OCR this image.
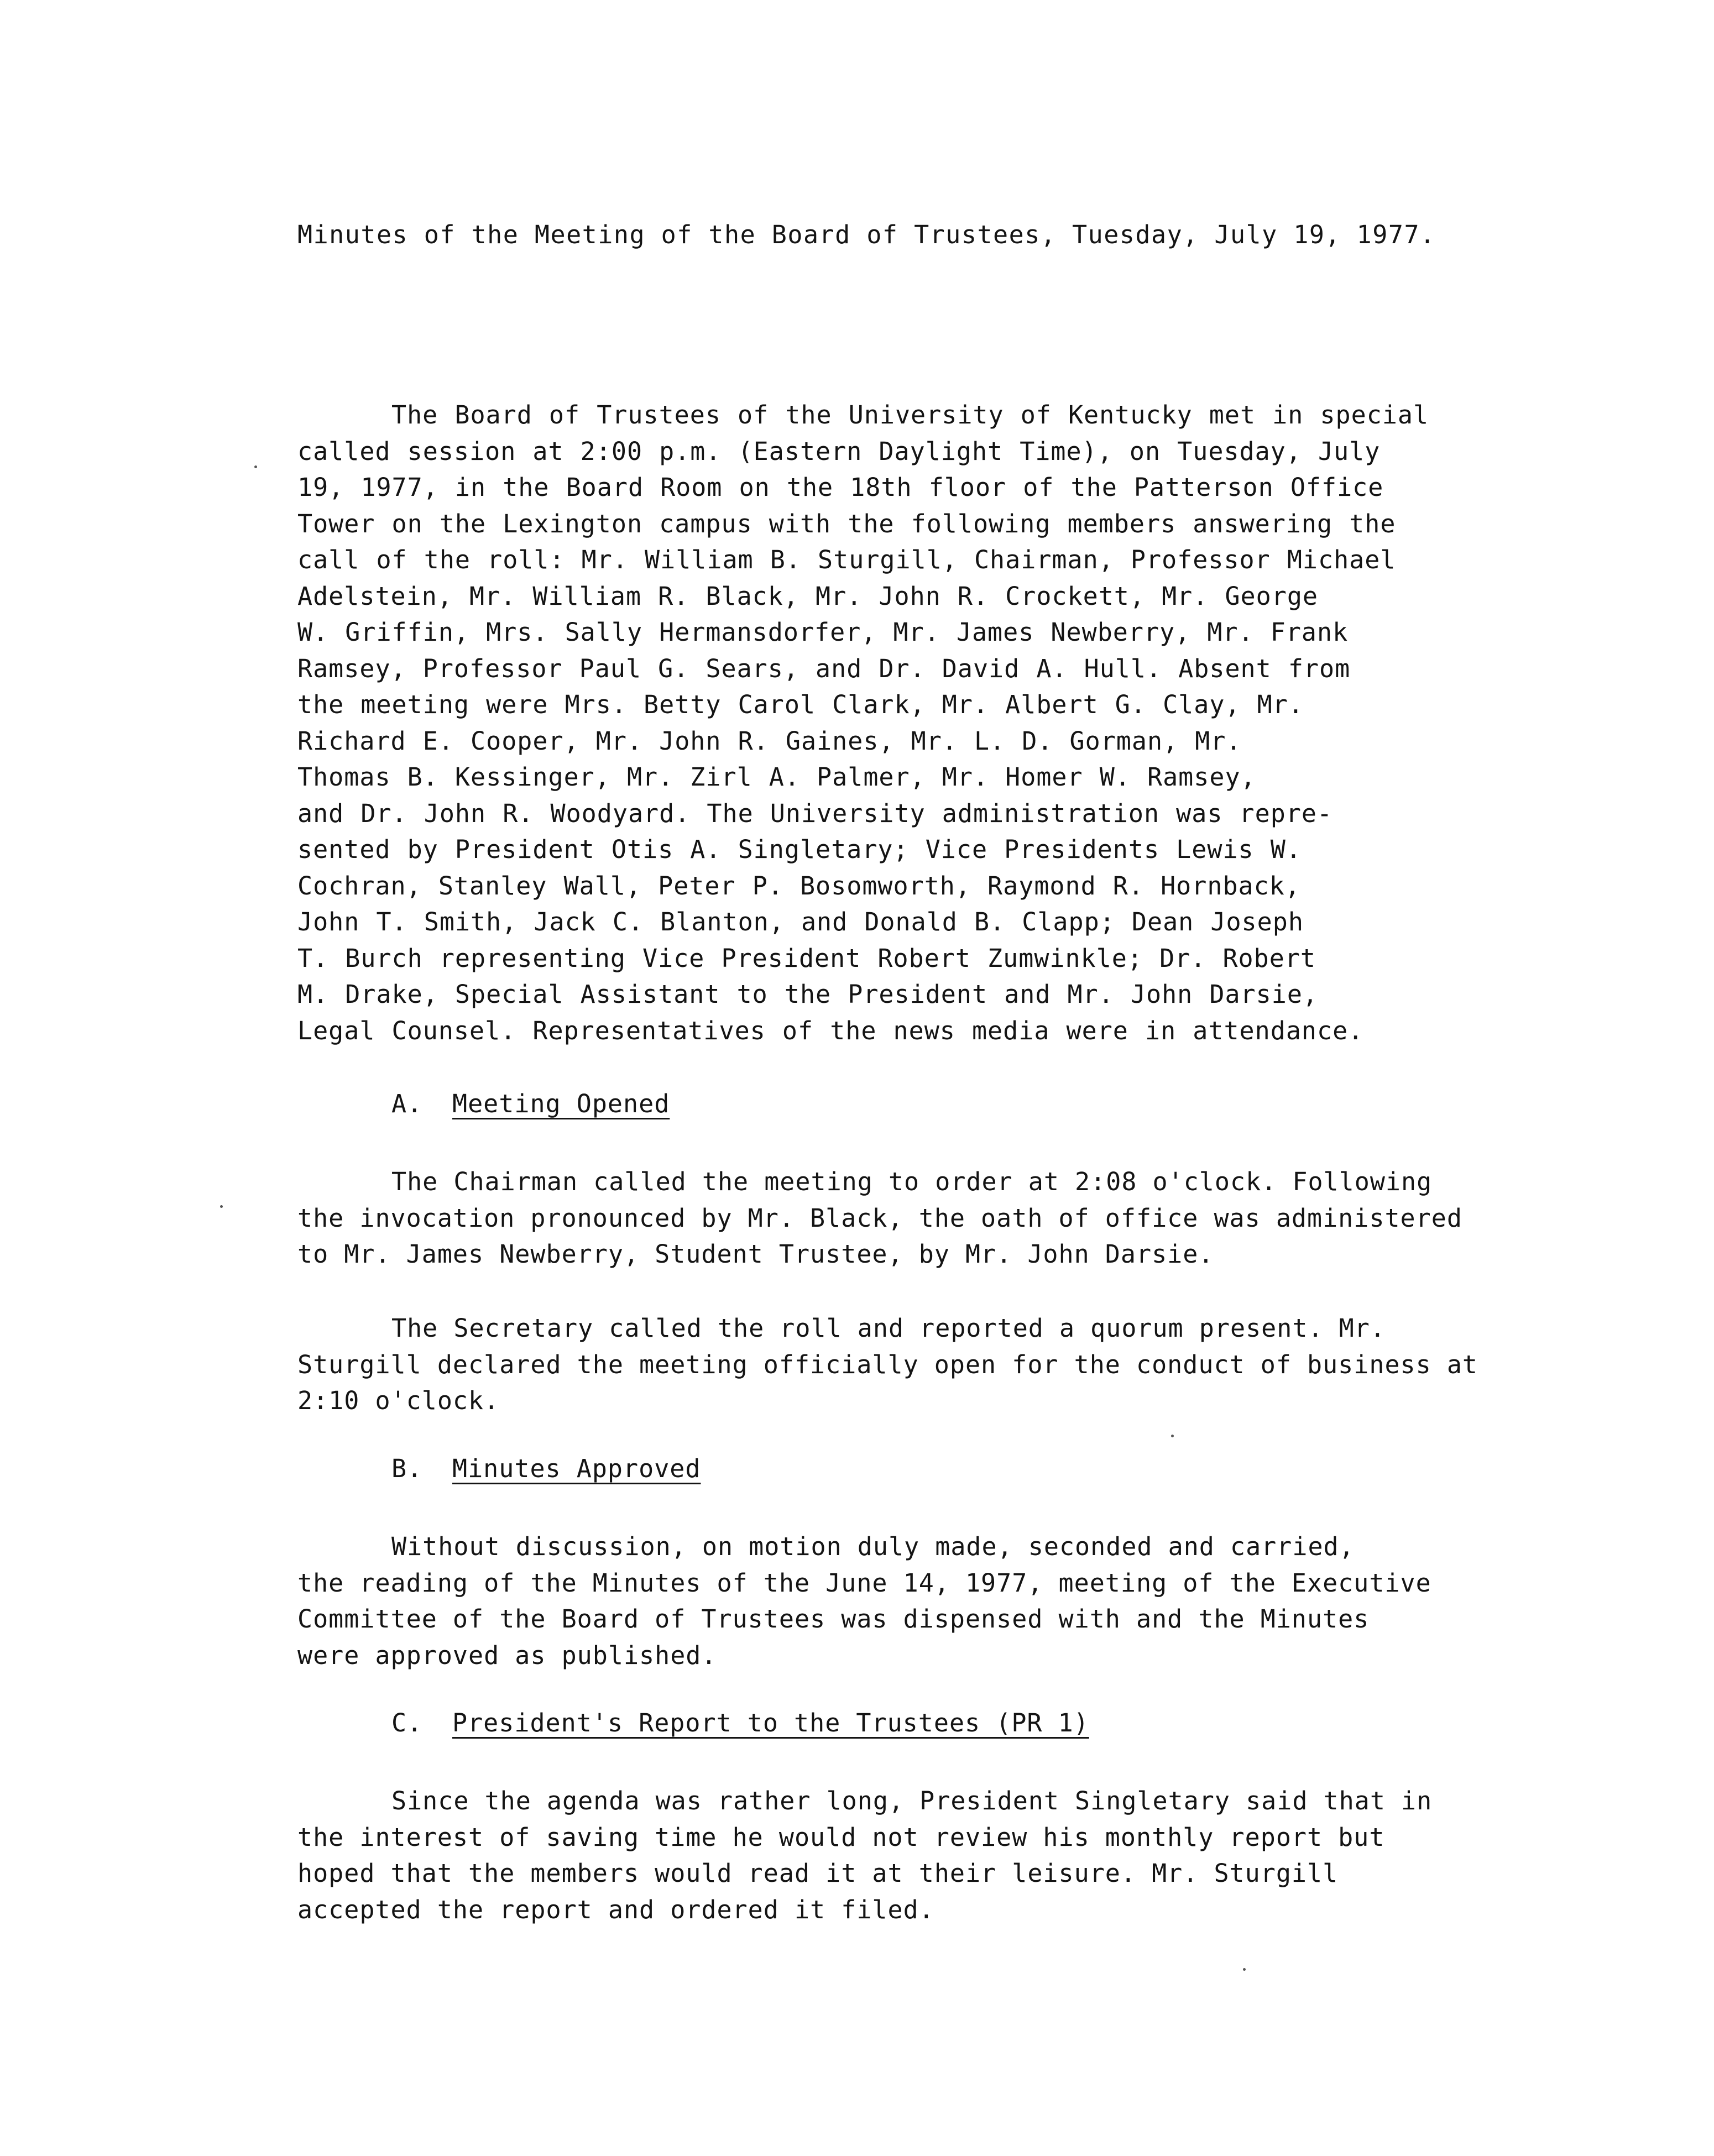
Minutes of the Meeting of the Board of Trustees, Tuesday, July 19, 1977.

The Board of Trustees of the University of Kentucky met in special
called session at 2:00 p.m. (Eastern Daylight Time), on Tuesday, July
19, 1977, in the Board Room on the 18th floor of the Patterson Office
Tower on the Lexington campus with the following members answering the
call of the roll: Mr. William B. Sturgill, Chairman, Professor Michael
Adelstein, Mr. William R. Black, Mr. John R. Crockett, Mr. George
W. Griffin, Mrs. Sally Hermansdorfer, Mr. James Newberry, Mr. Frank
Ramsey, Professor Paul G. Sears, and Dr. David A. Hull. Absent from
the meeting were Mrs. Betty Carol Clark, Mr. Albert G. Clay, Mr.
Richard E. Cooper, Mr. John R. Gaines, Mr. L. D. Gorman, Mr.
Thomas B. Kessinger, Mr. Zirl A. Palmer, Mr. Homer W. Ramsey,
and Dr. John R. Woodyard. The University administration was repre-
sented by President Otis A. Singletary; Vice Presidents Lewis W.
Cochran, Stanley Wall, Peter P. Bosomworth, Raymond R. Hornback,
John T. Smith, Jack C. Blanton, and Donald B. Clapp; Dean Joseph
T. Burch representing Vice President Robert Zumwinkle; Dr. Robert
M. Drake, Special Assistant to the President and Mr. John Darsie,
Legal Counsel. Representatives of the news media were in attendance.

A. Meeting Opened

The Chairman called the meeting to order at 2:08 o'clock. Following
the invocation pronounced by Mr. Black, the oath of office was administered
to Mr. James Newberry, Student Trustee, by Mr. John Darsie.

The Secretary called the roll and reported a quorum present. Mr.
Sturgill declared the meeting officially open for the conduct of business at
2:10 o'clock.

B. Minutes Approved

Without discussion, on motion duly made, seconded and carried,
the reading of the Minutes of the June 14, 1977, meeting of the Executive
Committee of the Board of Trustees was dispensed with and the Minutes
were approved as published.

C. President's Report to the Trustees (PR 1)

Since the agenda was rather long, President Singletary said that in
the interest of saving time he would not review his monthly report but
hoped that the members would read it at their leisure. Mr. Sturgill
accepted the report and ordered it filed.
